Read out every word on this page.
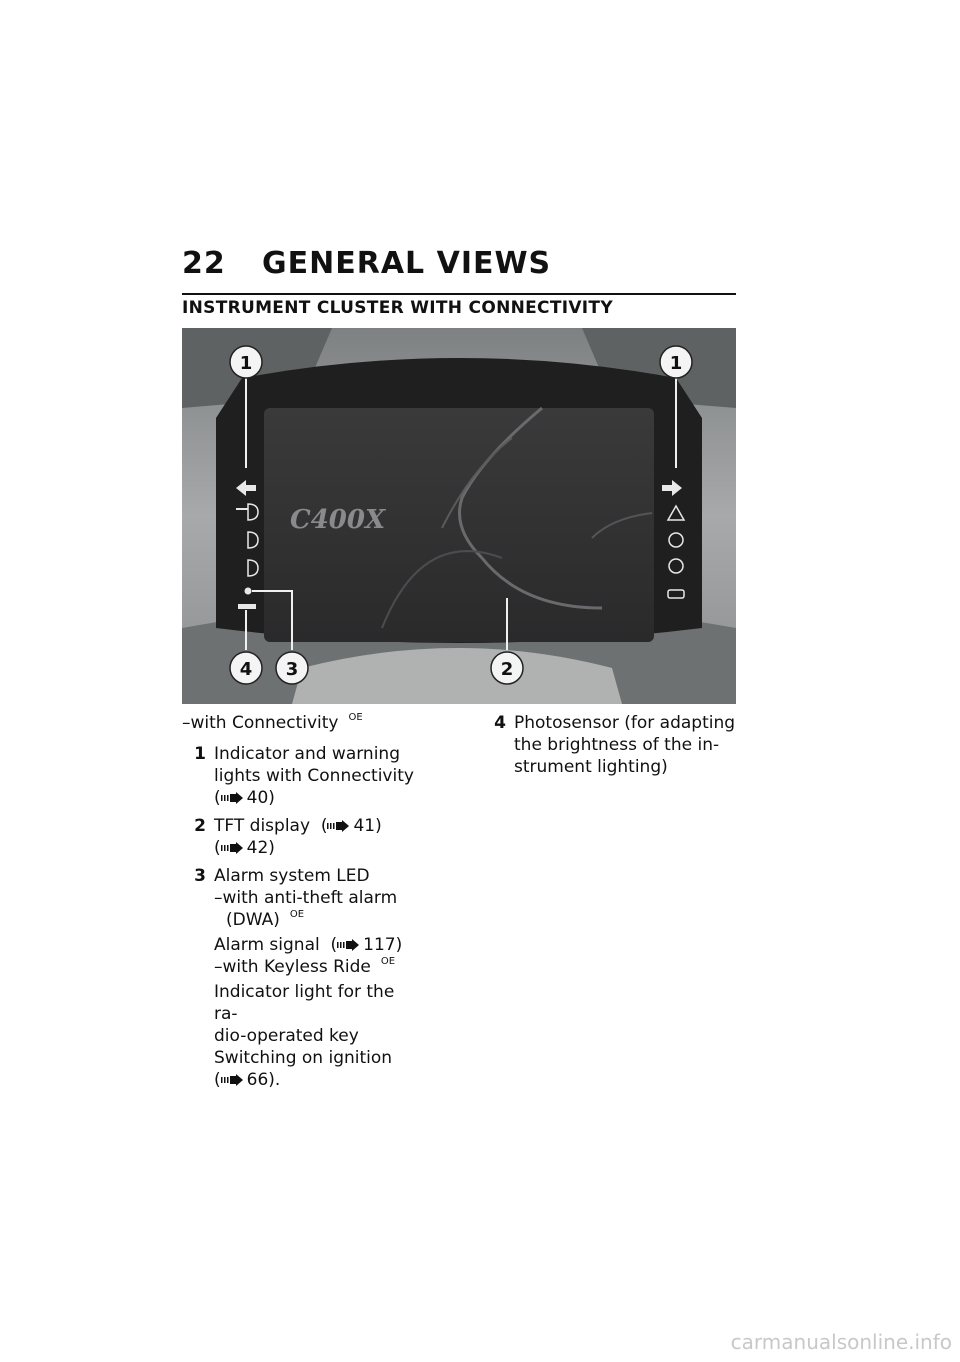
22 GENERAL VIEWS
INSTRUMENT CLUSTER WITH CONNECTIVITY
C400X
1	1
2
3
4
–with Connectivity $^{OE}$
1 Indicator and warning
lights with Connectivity
( 40)
2 TFT display ( 41)
( 42)
3 Alarm system LED
–with anti-theft alarm
(DWA) $^{OE}$
Alarm signal ( 117)
–with Keyless Ride $^{OE}$
Indicator light for the ra-
dio-operated key
Switching on ignition
( 66).
4 Photosensor (for adapting
the brightness of the in-
strument lighting)
carmanualsonline.info
